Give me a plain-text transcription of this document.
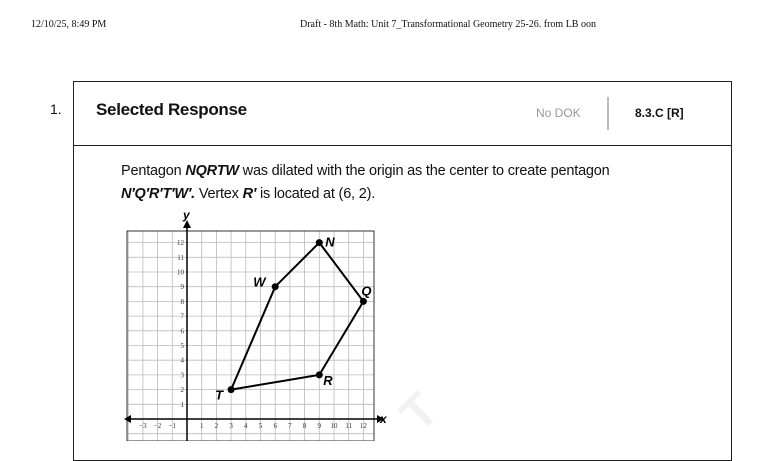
12/10/25, 8:49 PM	Draft - 8th Math: Unit 7_Transformational Geometry 25-26. from LB oon
1. Selected Response	No DOK	8.3.C [R]
Pentagon NQRTW was dilated with the origin as the center to create pentagon
N′Q′R′T′W′. Vertex R′ is located at (6, 2).
T
x
y
1
2
3
4
5
6
7
8
9
10
11
12
−3 −2 −1	1 2 3 4 5 6 7 8 9 10 11 12
N
Q
R
T
W
